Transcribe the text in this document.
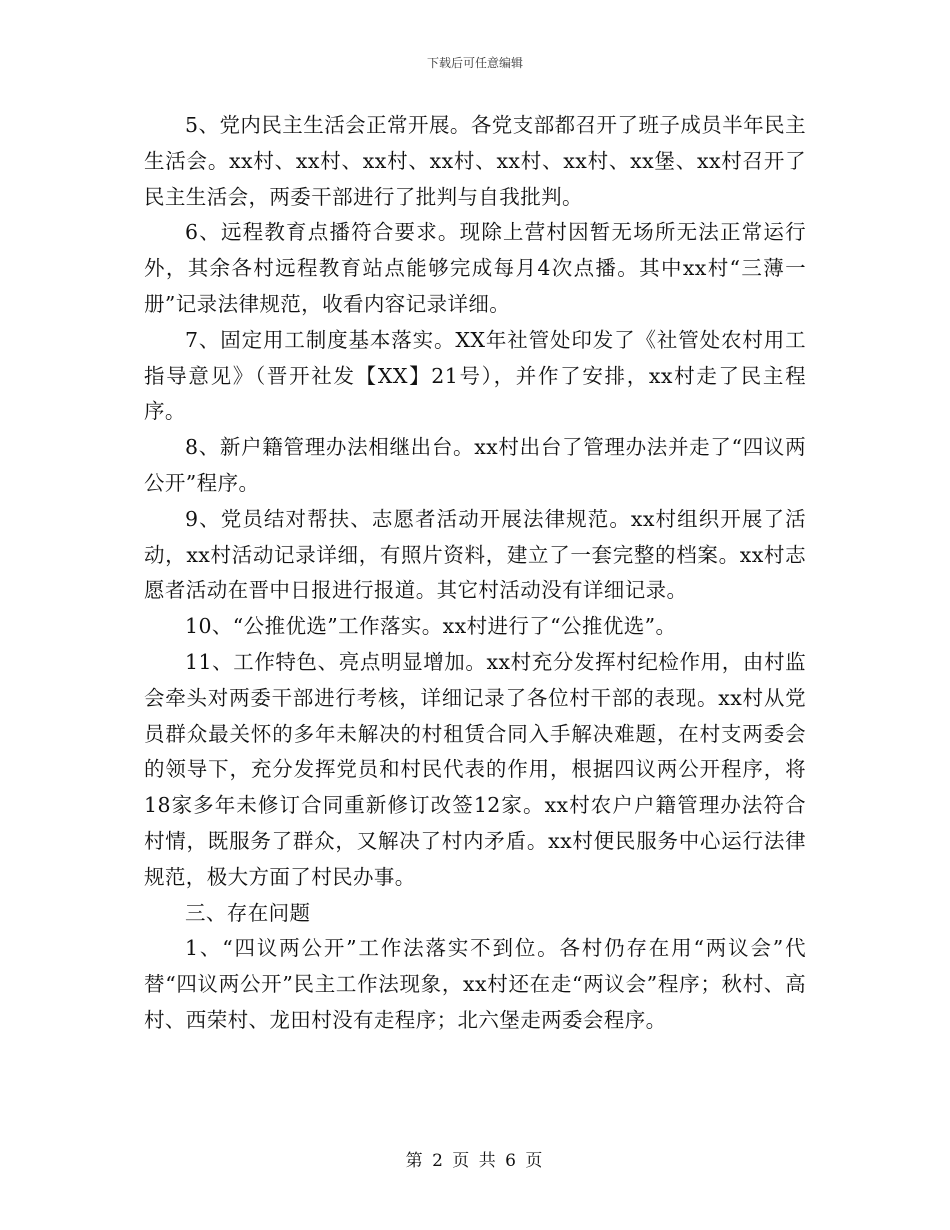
下载后可任意编辑

5、党内民主生活会正常开展。各党支部都召开了班子成员半年民主生活会。xx村、xx村、xx村、xx村、xx村、xx村、xx堡、xx村召开了民主生活会，两委干部进行了批判与自我批判。

6、远程教育点播符合要求。现除上营村因暂无场所无法正常运行外，其余各村远程教育站点能够完成每月4次点播。其中xx村“三薄一册”记录法律规范，收看内容记录详细。

7、固定用工制度基本落实。XX年社管处印发了《社管处农村用工指导意见》（晋开社发【XX】21号），并作了安排，xx村走了民主程序。

8、新户籍管理办法相继出台。xx村出台了管理办法并走了“四议两公开”程序。

9、党员结对帮扶、志愿者活动开展法律规范。xx村组织开展了活动，xx村活动记录详细，有照片资料，建立了一套完整的档案。xx村志愿者活动在晋中日报进行报道。其它村活动没有详细记录。

10、“公推优选”工作落实。xx村进行了“公推优选”。

11、工作特色、亮点明显增加。xx村充分发挥村纪检作用，由村监会牵头对两委干部进行考核，详细记录了各位村干部的表现。xx村从党员群众最关怀的多年未解决的村租赁合同入手解决难题，在村支两委会的领导下，充分发挥党员和村民代表的作用，根据四议两公开程序，将18家多年未修订合同重新修订改签12家。xx村农户户籍管理办法符合村情，既服务了群众，又解决了村内矛盾。xx村便民服务中心运行法律规范，极大方面了村民办事。

三、存在问题

1、“四议两公开”工作法落实不到位。各村仍存在用“两议会”代替“四议两公开”民主工作法现象，xx村还在走“两议会”程序；秋村、高村、西荣村、龙田村没有走程序；北六堡走两委会程序。

第 2 页 共 6 页
